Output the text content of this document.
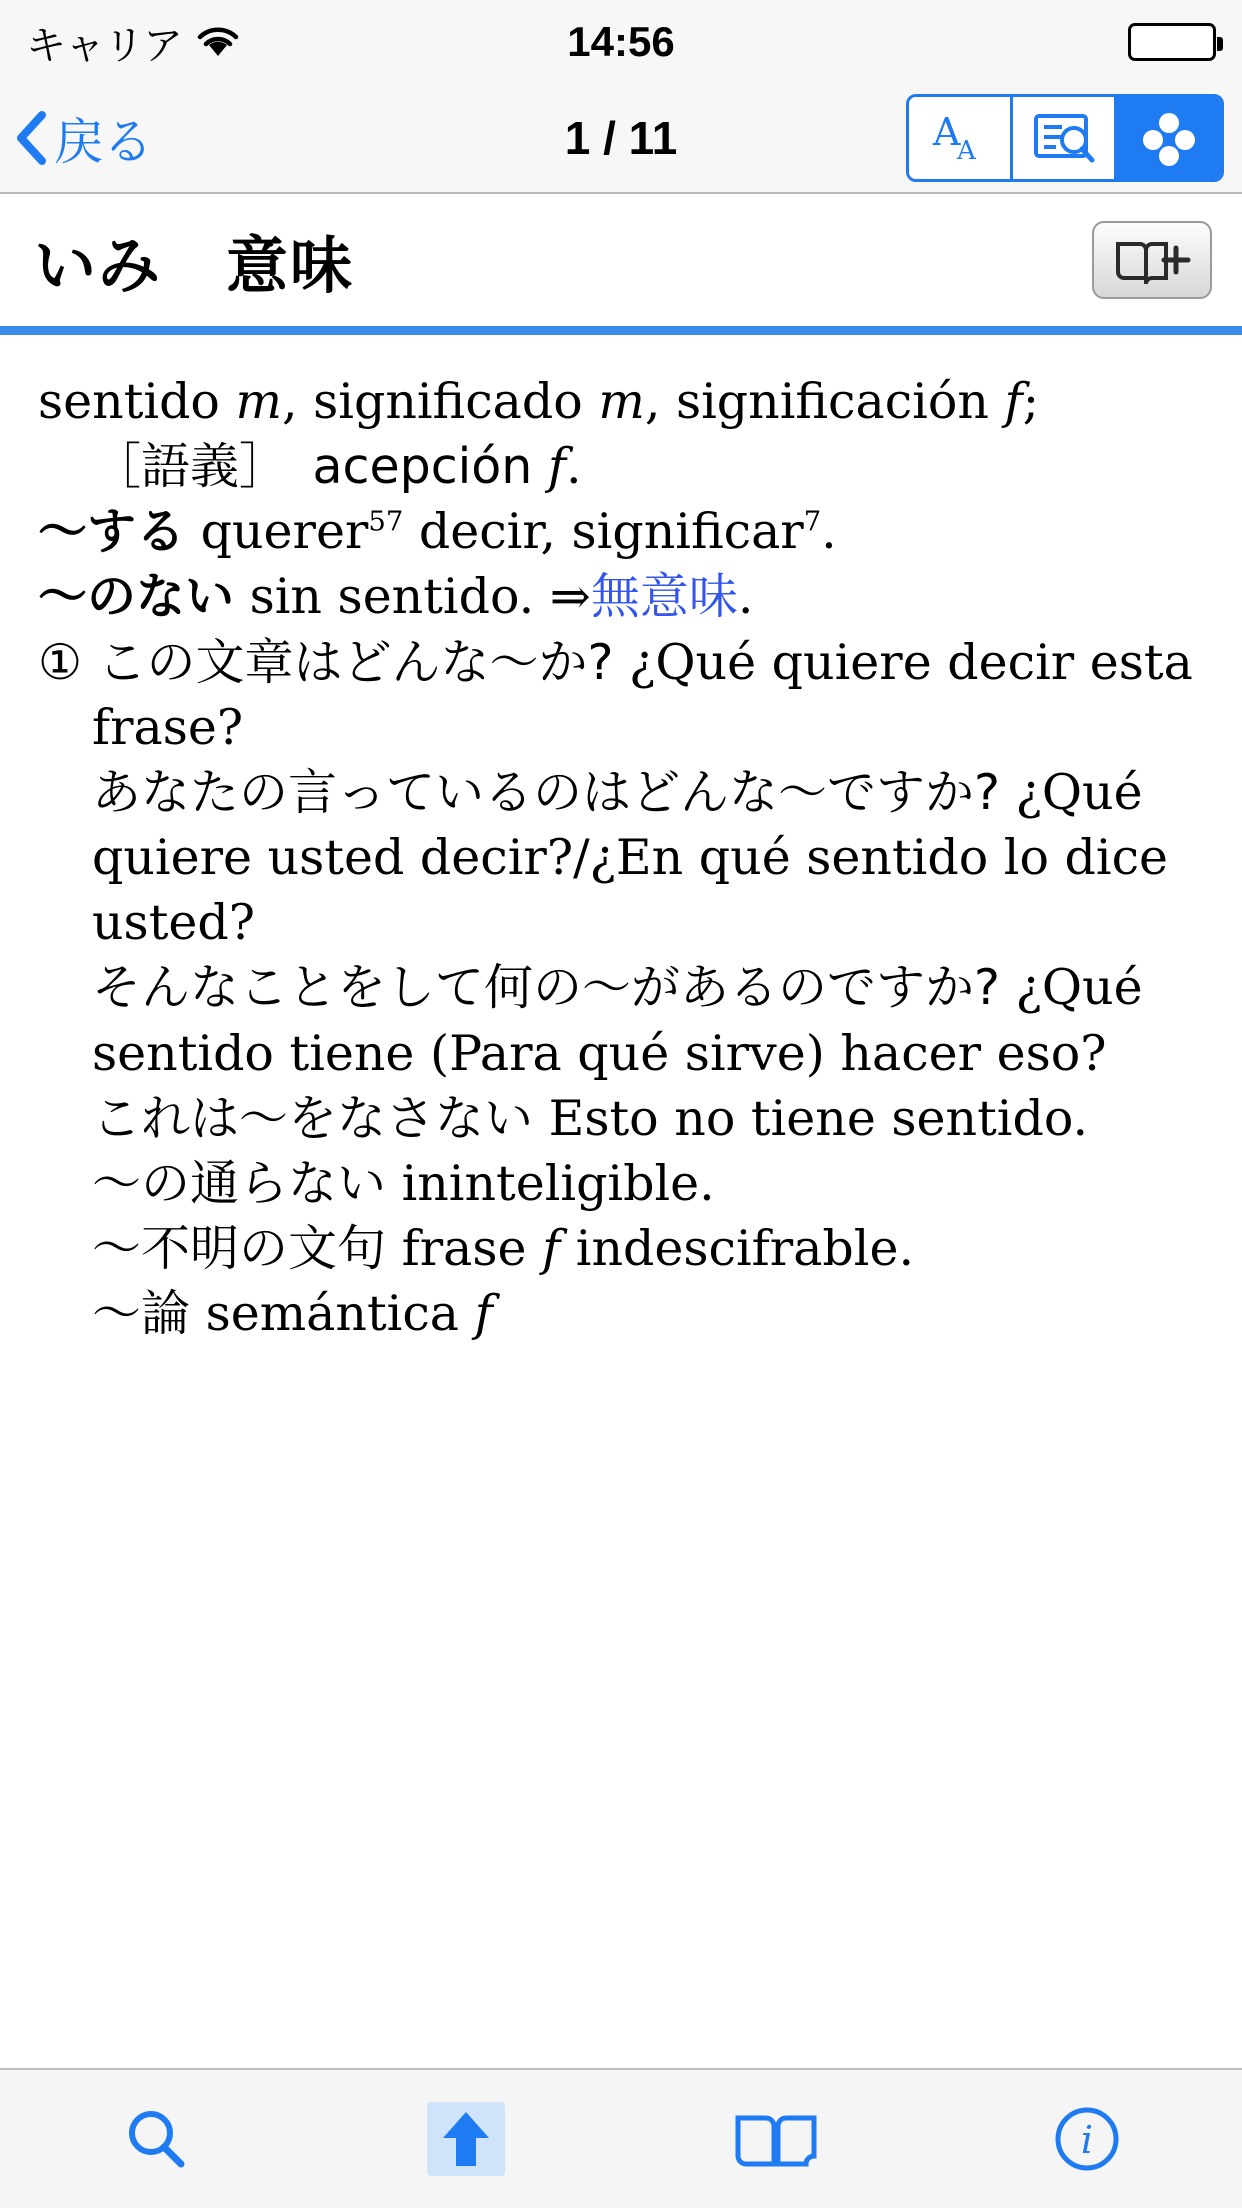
キャリア	14:56
戻る	1 / 11	A
A
いみ　意味
sentido m, significado m, significación f;
［語義］　acepción f.
〜する querer$^{57}$ decir, significar$^7$.
〜のない sin sentido. ⇒無意味.
① この文章はどんな〜か? ¿Qué quiere decir esta frase?
あなたの言っているのはどんな〜ですか? ¿Qué quiere usted decir?/¿En qué sentido lo dice usted?
そんなことをして何の〜があるのですか? ¿Qué sentido tiene (Para qué sirve) hacer eso?
これは〜をなさない Esto no tiene sentido.
〜の通らない ininteligible.
〜不明の文句 frase f indescifrable.
〜論 semántica f
i
